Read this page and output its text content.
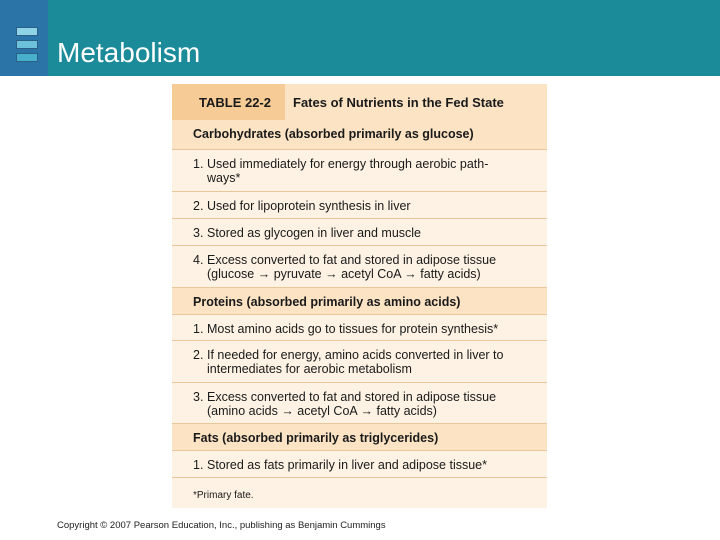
Metabolism
TABLE 22-2 Fates of Nutrients in the Fed State
Carbohydrates (absorbed primarily as glucose)
1. Used immediately for energy through aerobic path-
ways*
2. Used for lipoprotein synthesis in liver
3. Stored as glycogen in liver and muscle
4. Excess converted to fat and stored in adipose tissue
(glucose → pyruvate → acetyl CoA → fatty acids)
Proteins (absorbed primarily as amino acids)
1. Most amino acids go to tissues for protein synthesis*
2. If needed for energy, amino acids converted in liver to
intermediates for aerobic metabolism
3. Excess converted to fat and stored in adipose tissue
(amino acids → acetyl CoA → fatty acids)
Fats (absorbed primarily as triglycerides)
1. Stored as fats primarily in liver and adipose tissue*
*Primary fate.
Copyright © 2007 Pearson Education, Inc., publishing as Benjamin Cummings
